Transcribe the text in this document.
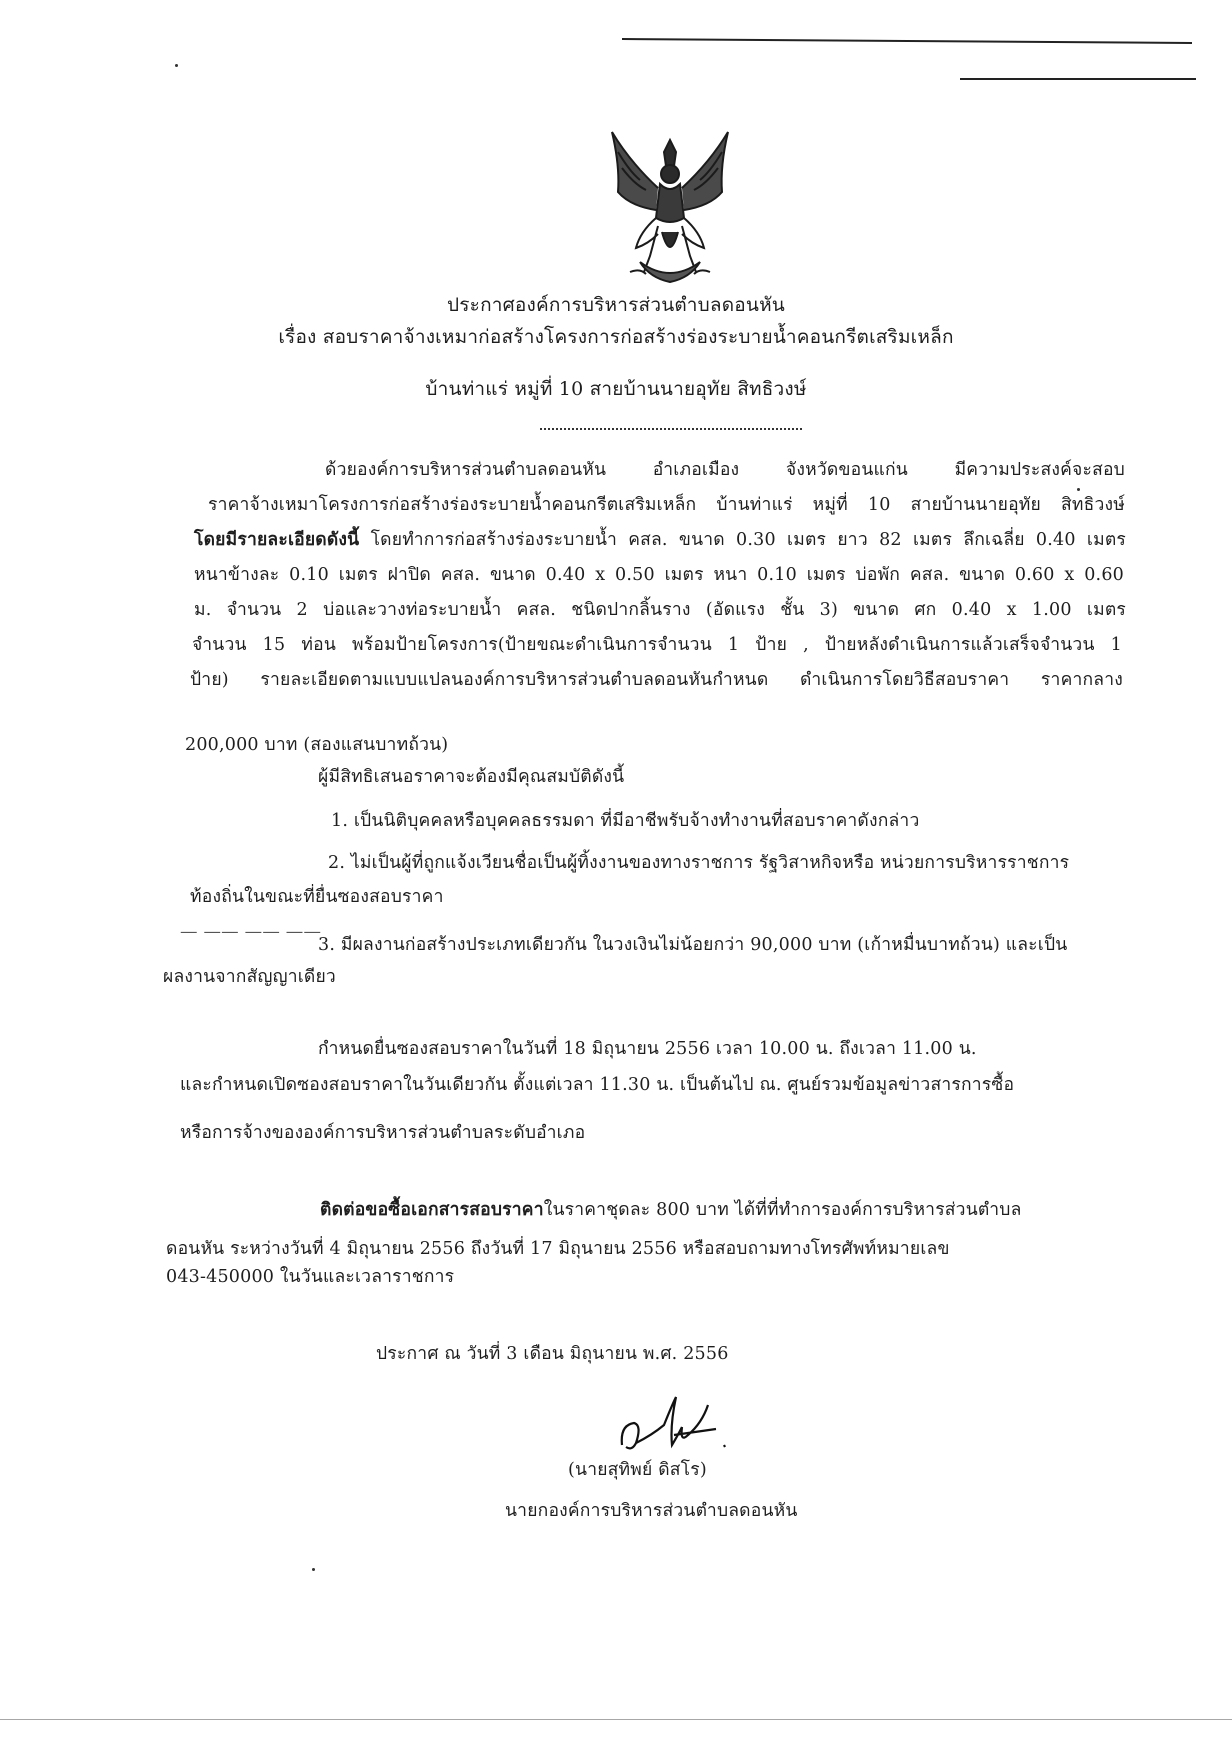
ประกาศองค์การบริหารส่วนตำบลดอนหัน
เรื่อง สอบราคาจ้างเหมาก่อสร้างโครงการก่อสร้างร่องระบายน้ำคอนกรีตเสริมเหล็ก
บ้านท่าแร่ หมู่ที่ 10 สายบ้านนายอุทัย สิทธิวงษ์
ด้วยองค์การบริหารส่วนตำบลดอนหัน อำเภอเมือง จังหวัดขอนแก่น มีความประสงค์จะสอบ
ราคาจ้างเหมาโครงการก่อสร้างร่องระบายน้ำคอนกรีตเสริมเหล็ก บ้านท่าแร่ หมู่ที่ 10 สายบ้านนายอุทัย สิทธิวงษ์
โดยมีรายละเอียดดังนี้ โดยทำการก่อสร้างร่องระบายน้ำ คสล. ขนาด 0.30 เมตร ยาว 82 เมตร ลึกเฉลี่ย 0.40 เมตร
หนาข้างละ 0.10 เมตร ฝาปิด คสล. ขนาด 0.40 x 0.50 เมตร หนา 0.10 เมตร บ่อพัก คสล. ขนาด 0.60 x 0.60
ม. จำนวน 2 บ่อและวางท่อระบายน้ำ คสล. ชนิดปากลิ้นราง (อัดแรง ชั้น 3) ขนาด ศก 0.40 x 1.00 เมตร
จำนวน 15 ท่อน พร้อมป้ายโครงการ(ป้ายขณะดำเนินการจำนวน 1 ป้าย , ป้ายหลังดำเนินการแล้วเสร็จจำนวน 1
ป้าย) รายละเอียดตามแบบแปลนองค์การบริหารส่วนตำบลดอนหันกำหนด ดำเนินการโดยวิธีสอบราคา ราคากลาง
200,000 บาท (สองแสนบาทถ้วน)
ผู้มีสิทธิเสนอราคาจะต้องมีคุณสมบัติดังนี้
1. เป็นนิติบุคคลหรือบุคคลธรรมดา ที่มีอาชีพรับจ้างทำงานที่สอบราคาดังกล่าว
2. ไม่เป็นผู้ที่ถูกแจ้งเวียนชื่อเป็นผู้ทิ้งงานของทางราชการ รัฐวิสาหกิจหรือ หน่วยการบริหารราชการ
ท้องถิ่นในขณะที่ยื่นซองสอบราคา
— —— —— ——
3. มีผลงานก่อสร้างประเภทเดียวกัน ในวงเงินไม่น้อยกว่า 90,000 บาท (เก้าหมื่นบาทถ้วน) และเป็น
ผลงานจากสัญญาเดียว
กำหนดยื่นซองสอบราคาในวันที่ 18 มิถุนายน 2556 เวลา 10.00 น. ถึงเวลา 11.00 น.
และกำหนดเปิดซองสอบราคาในวันเดียวกัน ตั้งแต่เวลา 11.30 น. เป็นต้นไป ณ. ศูนย์รวมข้อมูลข่าวสารการซื้อ
หรือการจ้างขององค์การบริหารส่วนตำบลระดับอำเภอ
ติดต่อขอซื้อเอกสารสอบราคาในราคาชุดละ 800 บาท ได้ที่ที่ทำการองค์การบริหารส่วนตำบล
ดอนหัน ระหว่างวันที่ 4 มิถุนายน 2556 ถึงวันที่ 17 มิถุนายน 2556 หรือสอบถามทางโทรศัพท์หมายเลข
043-450000 ในวันและเวลาราชการ
ประกาศ ณ วันที่ 3 เดือน มิถุนายน พ.ศ. 2556
(นายสุทิพย์ ดิสโร)
นายกองค์การบริหารส่วนตำบลดอนหัน
